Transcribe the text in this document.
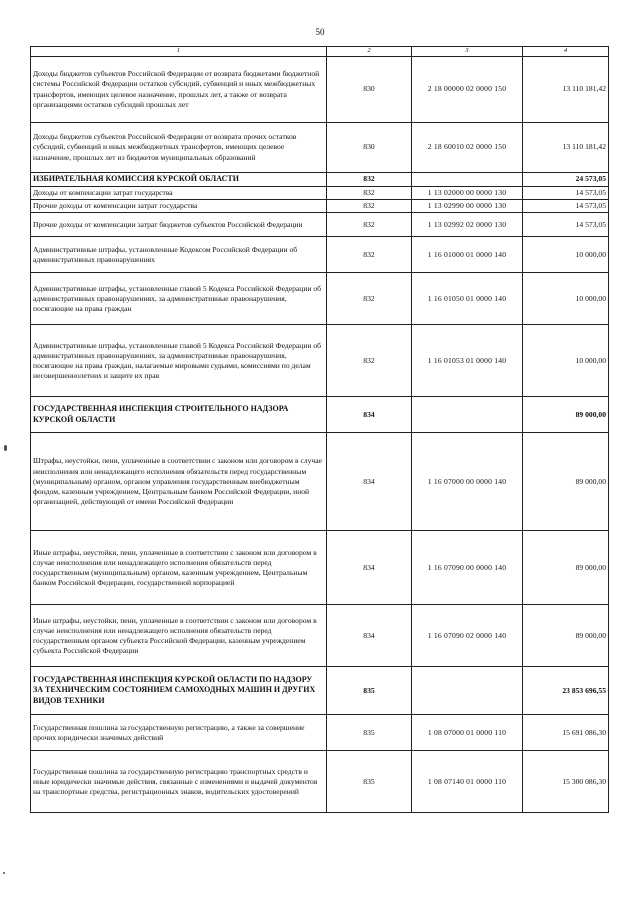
50
1	2	3	4
Доходы бюджетов субъектов Российской Федерации от возврата бюджетами бюджетной системы Российской Федерации остатков субсидий, субвенций и иных межбюджетных трансфертов, имеющих целевое назначение, прошлых лет, а также от возврата организациями остатков субсидий прошлых лет	830	2 18 00000 02 0000 150	13 110 181,42
Доходы бюджетов субъектов Российской Федерации от возврата прочих остатков субсидий, субвенций и иных межбюджетных трансфертов, имеющих целевое назначение, прошлых лет из бюджетов муниципальных образований	830	2 18 60010 02 0000 150	13 110 181,42
ИЗБИРАТЕЛЬНАЯ КОМИССИЯ КУРСКОЙ ОБЛАСТИ	832		24 573,05
Доходы от компенсации затрат государства	832	1 13 02000 00 0000 130	14 573,05
Прочие доходы от компенсации затрат государства	832	1 13 02990 00 0000 130	14 573,05
Прочие доходы от компенсации затрат бюджетов субъектов Российской Федерации	832	1 13 02992 02 0000 130	14 573,05
Административные штрафы, установленные Кодексом Российской Федерации об административных правонарушениях	832	1 16 01000 01 0000 140	10 000,00
Административные штрафы, установленные главой 5 Кодекса Российской Федерации об административных правонарушениях, за административные правонарушения, посягающие на права граждан	832	1 16 01050 01 0000 140	10 000,00
Административные штрафы, установленные главой 5 Кодекса Российской Федерации об административных правонарушениях, за административные правонарушения, посягающие на права граждан, налагаемые мировыми судьями, комиссиями по делам несовершеннолетних и защите их прав	832	1 16 01053 01 0000 140	10 000,00
ГОСУДАРСТВЕННАЯ ИНСПЕКЦИЯ СТРОИТЕЛЬНОГО НАДЗОРА КУРСКОЙ ОБЛАСТИ	834		89 000,00
Штрафы, неустойки, пени, уплаченные в соответствии с законом или договором в случае неисполнения или ненадлежащего исполнения обязательств перед государственным (муниципальным) органом, органом управления государственным внебюджетным фондом, казенным учреждением, Центральным банком Российской Федерации, иной организацией, действующей от имени Российской Федерации	834	1 16 07000 00 0000 140	89 000,00
Иные штрафы, неустойки, пени, уплаченные в соответствии с законом или договором в случае неисполнения или ненадлежащего исполнения обязательств перед государственным (муниципальным) органом, казенным учреждением, Центральным банком Российской Федерации, государственной корпорацией	834	1 16 07090 00 0000 140	89 000,00
Иные штрафы, неустойки, пени, уплаченные в соответствии с законом или договором в случае неисполнения или ненадлежащего исполнения обязательств перед государственным органом субъекта Российской Федерации, казенным учреждением субъекта Российской Федерации	834	1 16 07090 02 0000 140	89 000,00
ГОСУДАРСТВЕННАЯ ИНСПЕКЦИЯ КУРСКОЙ ОБЛАСТИ ПО НАДЗОРУ ЗА ТЕХНИЧЕСКИМ СОСТОЯНИЕМ САМОХОДНЫХ МАШИН И ДРУГИХ ВИДОВ ТЕХНИКИ	835		23 853 696,55
Государственная пошлина за государственную регистрацию, а также за совершение прочих юридически значимых действий	835	1 08 07000 01 0000 110	15 691 086,30
Государственная пошлина за государственную регистрацию транспортных средств и иные юридически значимые действия, связанные с изменениями и выдачей документов на транспортные средства, регистрационных знаков, водительских удостоверений	835	1 08 07140 01 0000 110	15 300 086,30
